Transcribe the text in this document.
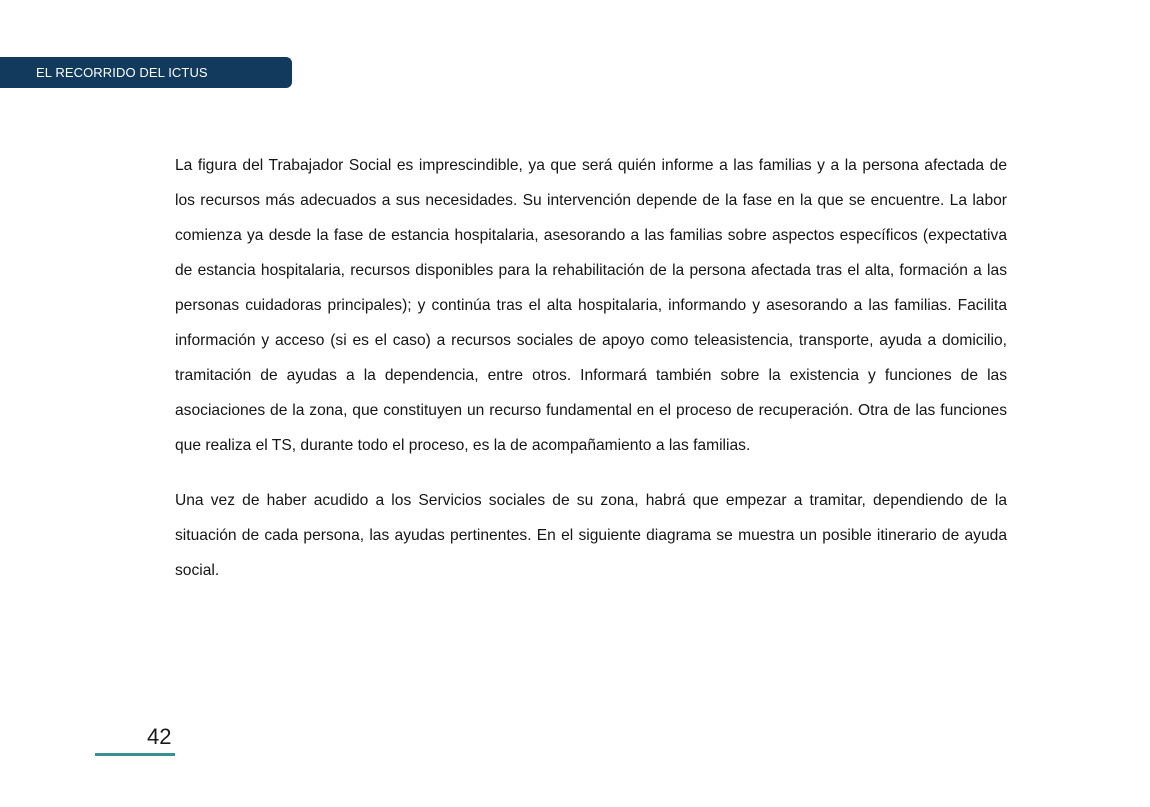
EL RECORRIDO DEL ICTUS

La figura del Trabajador Social es imprescindible, ya que será quién informe a las familias y a la persona afectada de los recursos más adecuados a sus necesidades. Su intervención depende de la fase en la que se encuentre. La labor comienza ya desde la fase de estancia hospitalaria, asesorando a las familias sobre aspectos específicos (expectativa de estancia hospitalaria, recursos disponibles para la rehabilitación de la persona afectada tras el alta, formación a las personas cuidadoras principales); y continúa tras el alta hospitalaria, informando y asesorando a las familias. Facilita información y acceso (si es el caso) a recursos sociales de apoyo como teleasistencia, transporte, ayuda a domicilio, tramitación de ayudas a la dependencia, entre otros. Informará también sobre la existencia y funciones de las asociaciones de la zona, que constituyen un recurso fundamental en el proceso de recuperación. Otra de las funciones que realiza el TS, durante todo el proceso, es la de acompañamiento a las familias.

Una vez de haber acudido a los Servicios sociales de su zona, habrá que empezar a tramitar, dependiendo de la situación de cada persona, las ayudas pertinentes. En el siguiente diagrama se muestra un posible itinerario de ayuda social.

42
